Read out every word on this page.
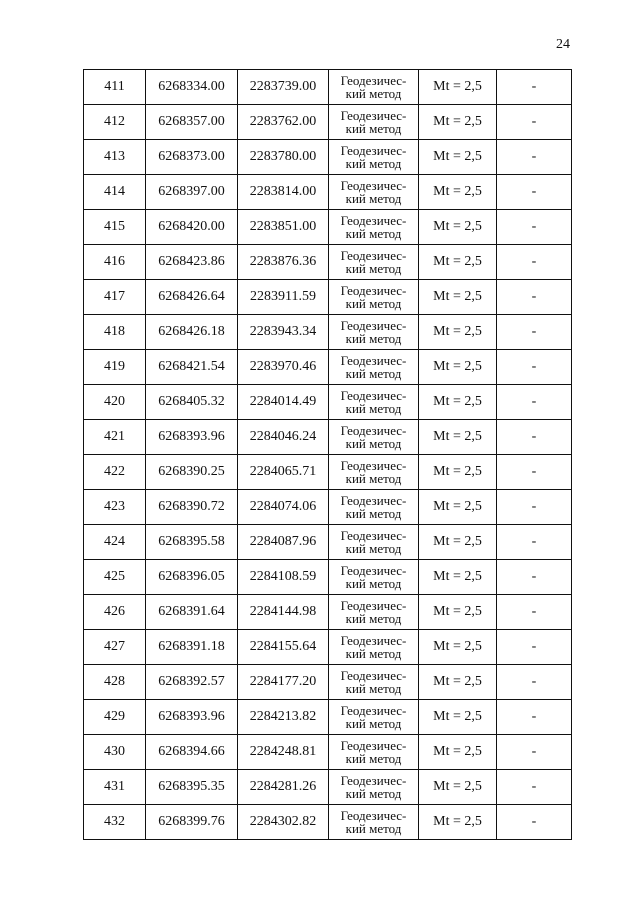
24
411	6268334.00	2283739.00	Геодезичес-
кий метод	Mt = 2,5	-
412	6268357.00	2283762.00	Геодезичес-
кий метод	Mt = 2,5	-
413	6268373.00	2283780.00	Геодезичес-
кий метод	Mt = 2,5	-
414	6268397.00	2283814.00	Геодезичес-
кий метод	Mt = 2,5	-
415	6268420.00	2283851.00	Геодезичес-
кий метод	Mt = 2,5	-
416	6268423.86	2283876.36	Геодезичес-
кий метод	Mt = 2,5	-
417	6268426.64	2283911.59	Геодезичес-
кий метод	Mt = 2,5	-
418	6268426.18	2283943.34	Геодезичес-
кий метод	Mt = 2,5	-
419	6268421.54	2283970.46	Геодезичес-
кий метод	Mt = 2,5	-
420	6268405.32	2284014.49	Геодезичес-
кий метод	Mt = 2,5	-
421	6268393.96	2284046.24	Геодезичес-
кий метод	Mt = 2,5	-
422	6268390.25	2284065.71	Геодезичес-
кий метод	Mt = 2,5	-
423	6268390.72	2284074.06	Геодезичес-
кий метод	Mt = 2,5	-
424	6268395.58	2284087.96	Геодезичес-
кий метод	Mt = 2,5	-
425	6268396.05	2284108.59	Геодезичес-
кий метод	Mt = 2,5	-
426	6268391.64	2284144.98	Геодезичес-
кий метод	Mt = 2,5	-
427	6268391.18	2284155.64	Геодезичес-
кий метод	Mt = 2,5	-
428	6268392.57	2284177.20	Геодезичес-
кий метод	Mt = 2,5	-
429	6268393.96	2284213.82	Геодезичес-
кий метод	Mt = 2,5	-
430	6268394.66	2284248.81	Геодезичес-
кий метод	Mt = 2,5	-
431	6268395.35	2284281.26	Геодезичес-
кий метод	Mt = 2,5	-
432	6268399.76	2284302.82	Геодезичес-
кий метод	Mt = 2,5	-
